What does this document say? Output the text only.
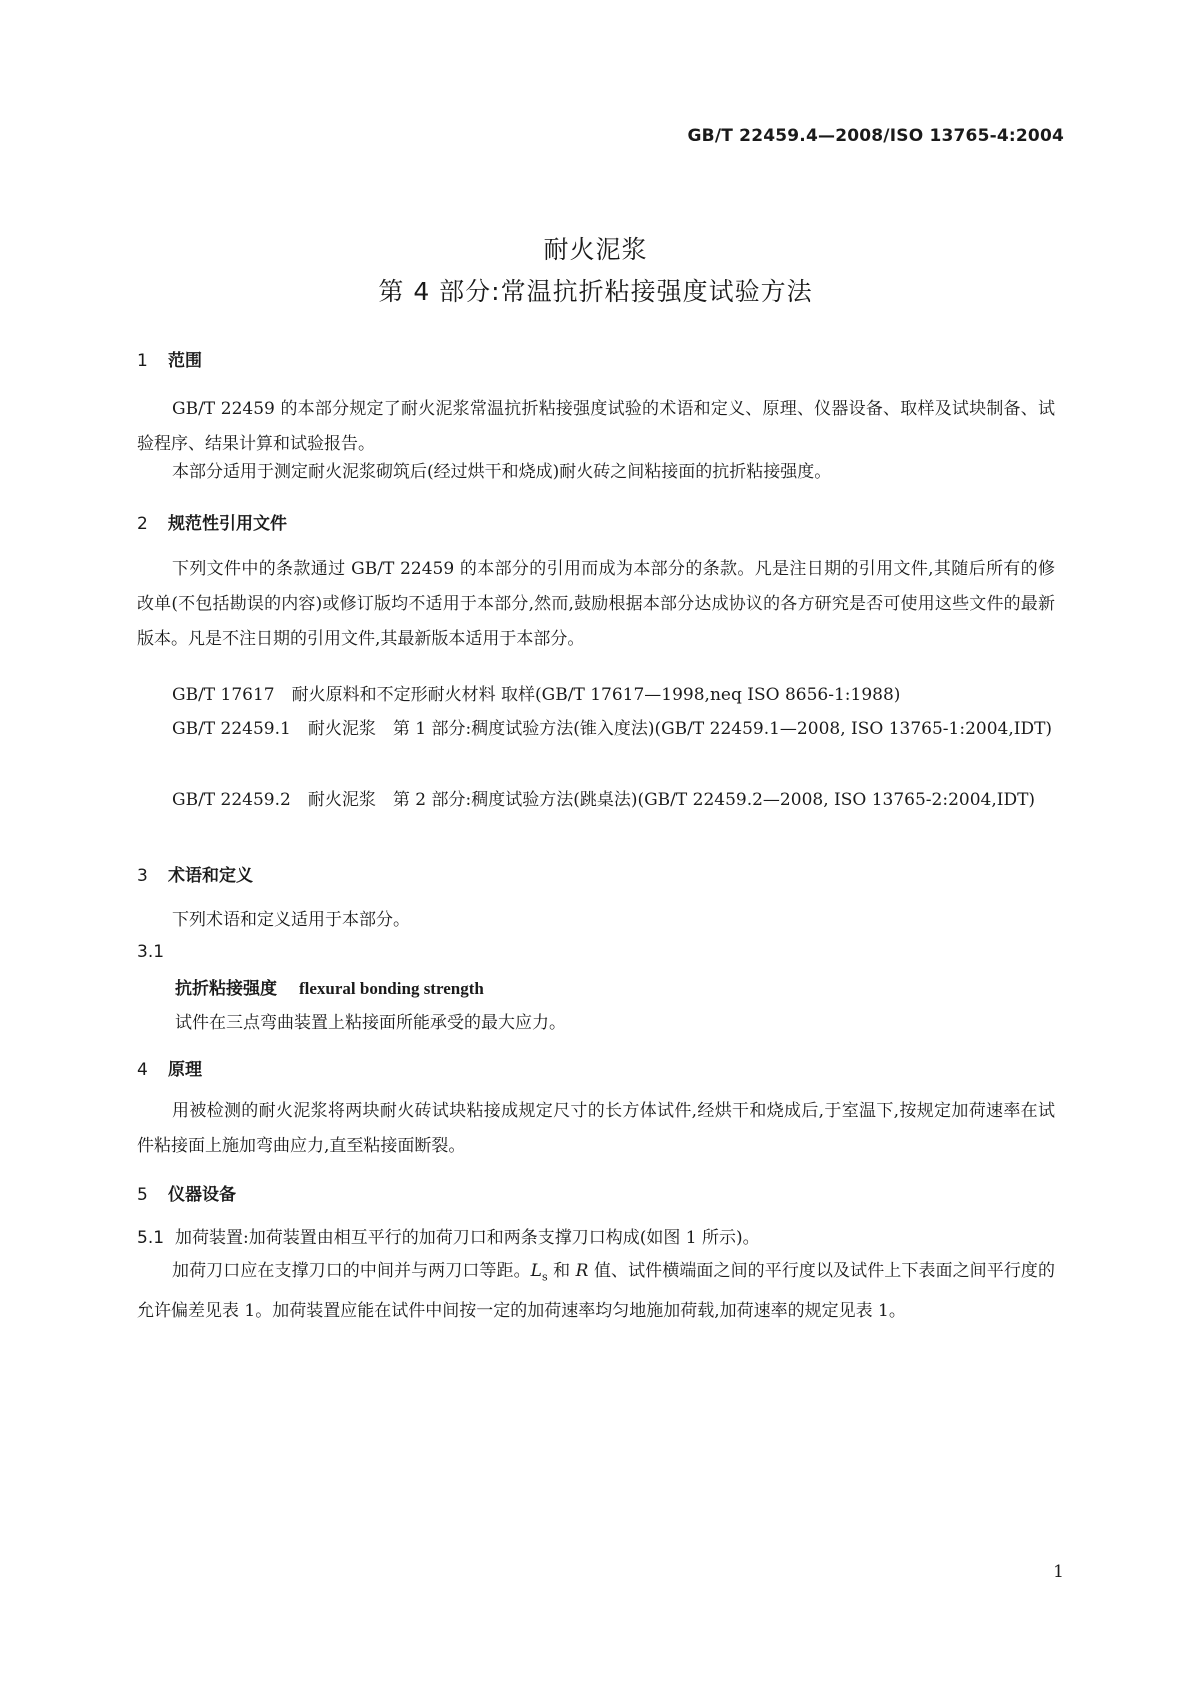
GB/T 22459.4—2008/ISO 13765-4:2004
耐火泥浆
第 4 部分:常温抗折粘接强度试验方法
1 范围
GB/T 22459 的本部分规定了耐火泥浆常温抗折粘接强度试验的术语和定义、原理、仪器设备、取样及试块制备、试验程序、结果计算和试验报告。
本部分适用于测定耐火泥浆砌筑后(经过烘干和烧成)耐火砖之间粘接面的抗折粘接强度。
2 规范性引用文件
下列文件中的条款通过 GB/T 22459 的本部分的引用而成为本部分的条款。凡是注日期的引用文件,其随后所有的修改单(不包括勘误的内容)或修订版均不适用于本部分,然而,鼓励根据本部分达成协议的各方研究是否可使用这些文件的最新版本。凡是不注日期的引用文件,其最新版本适用于本部分。
GB/T 17617　耐火原料和不定形耐火材料 取样(GB/T 17617—1998,neq ISO 8656-1:1988)
GB/T 22459.1　耐火泥浆　第 1 部分:稠度试验方法(锥入度法)(GB/T 22459.1—2008, ISO 13765-1:2004,IDT)
GB/T 22459.2　耐火泥浆　第 2 部分:稠度试验方法(跳桌法)(GB/T 22459.2—2008, ISO 13765-2:2004,IDT)
3 术语和定义
下列术语和定义适用于本部分。
3.1
抗折粘接强度 flexural bonding strength
试件在三点弯曲装置上粘接面所能承受的最大应力。
4 原理
用被检测的耐火泥浆将两块耐火砖试块粘接成规定尺寸的长方体试件,经烘干和烧成后,于室温下,按规定加荷速率在试件粘接面上施加弯曲应力,直至粘接面断裂。
5 仪器设备
5.1 加荷装置:加荷装置由相互平行的加荷刀口和两条支撑刀口构成(如图 1 所示)。
加荷刀口应在支撑刀口的中间并与两刀口等距。$L_s$ 和 R 值、试件横端面之间的平行度以及试件上下表面之间平行度的允许偏差见表 1。加荷装置应能在试件中间按一定的加荷速率均匀地施加荷载,加荷速率的规定见表 1。
1
